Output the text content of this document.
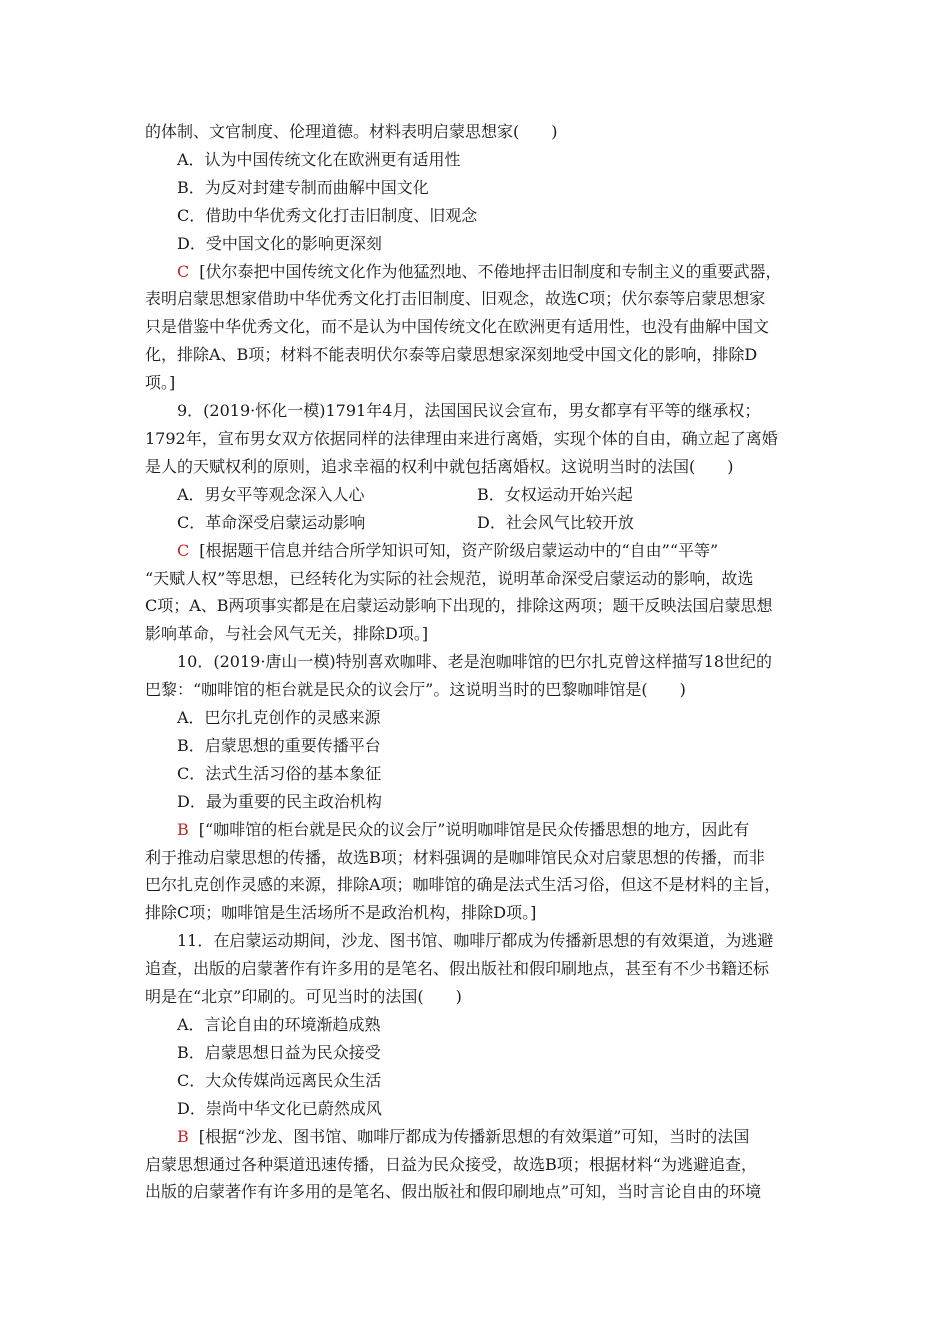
的体制、文官制度、伦理道德。材料表明启蒙思想家(　　)
A．认为中国传统文化在欧洲更有适用性
B．为反对封建专制而曲解中国文化
C．借助中华优秀文化打击旧制度、旧观念
D．受中国文化的影响更深刻
C [伏尔泰把中国传统文化作为他猛烈地、不倦地抨击旧制度和专制主义的重要武器，
表明启蒙思想家借助中华优秀文化打击旧制度、旧观念，故选C项；伏尔泰等启蒙思想家
只是借鉴中华优秀文化，而不是认为中国传统文化在欧洲更有适用性，也没有曲解中国文
化，排除A、B项；材料不能表明伏尔泰等启蒙思想家深刻地受中国文化的影响，排除D
项。]
9．(2019·怀化一模)1791年4月，法国国民议会宣布，男女都享有平等的继承权；
1792年，宣布男女双方依据同样的法律理由来进行离婚，实现个体的自由，确立起了离婚
是人的天赋权利的原则，追求幸福的权利中就包括离婚权。这说明当时的法国(　　)
A．男女平等观念深入人心	B．女权运动开始兴起
C．革命深受启蒙运动影响	D．社会风气比较开放
C [根据题干信息并结合所学知识可知，资产阶级启蒙运动中的“自由”“平等”
“天赋人权”等思想，已经转化为实际的社会规范，说明革命深受启蒙运动的影响，故选
C项；A、B两项事实都是在启蒙运动影响下出现的，排除这两项；题干反映法国启蒙思想
影响革命，与社会风气无关，排除D项。]
10．(2019·唐山一模)特别喜欢咖啡、老是泡咖啡馆的巴尔扎克曾这样描写18世纪的
巴黎：“咖啡馆的柜台就是民众的议会厅”。这说明当时的巴黎咖啡馆是(　　)
A．巴尔扎克创作的灵感来源
B．启蒙思想的重要传播平台
C．法式生活习俗的基本象征
D．最为重要的民主政治机构
B [“咖啡馆的柜台就是民众的议会厅”说明咖啡馆是民众传播思想的地方，因此有
利于推动启蒙思想的传播，故选B项；材料强调的是咖啡馆民众对启蒙思想的传播，而非
巴尔扎克创作灵感的来源，排除A项；咖啡馆的确是法式生活习俗，但这不是材料的主旨，
排除C项；咖啡馆是生活场所不是政治机构，排除D项。]
11．在启蒙运动期间，沙龙、图书馆、咖啡厅都成为传播新思想的有效渠道，为逃避
追查，出版的启蒙著作有许多用的是笔名、假出版社和假印刷地点，甚至有不少书籍还标
明是在“北京”印刷的。可见当时的法国(　　)
A．言论自由的环境渐趋成熟
B．启蒙思想日益为民众接受
C．大众传媒尚远离民众生活
D．崇尚中华文化已蔚然成风
B [根据“沙龙、图书馆、咖啡厅都成为传播新思想的有效渠道”可知，当时的法国
启蒙思想通过各种渠道迅速传播，日益为民众接受，故选B项；根据材料“为逃避追查，
出版的启蒙著作有许多用的是笔名、假出版社和假印刷地点”可知，当时言论自由的环境
